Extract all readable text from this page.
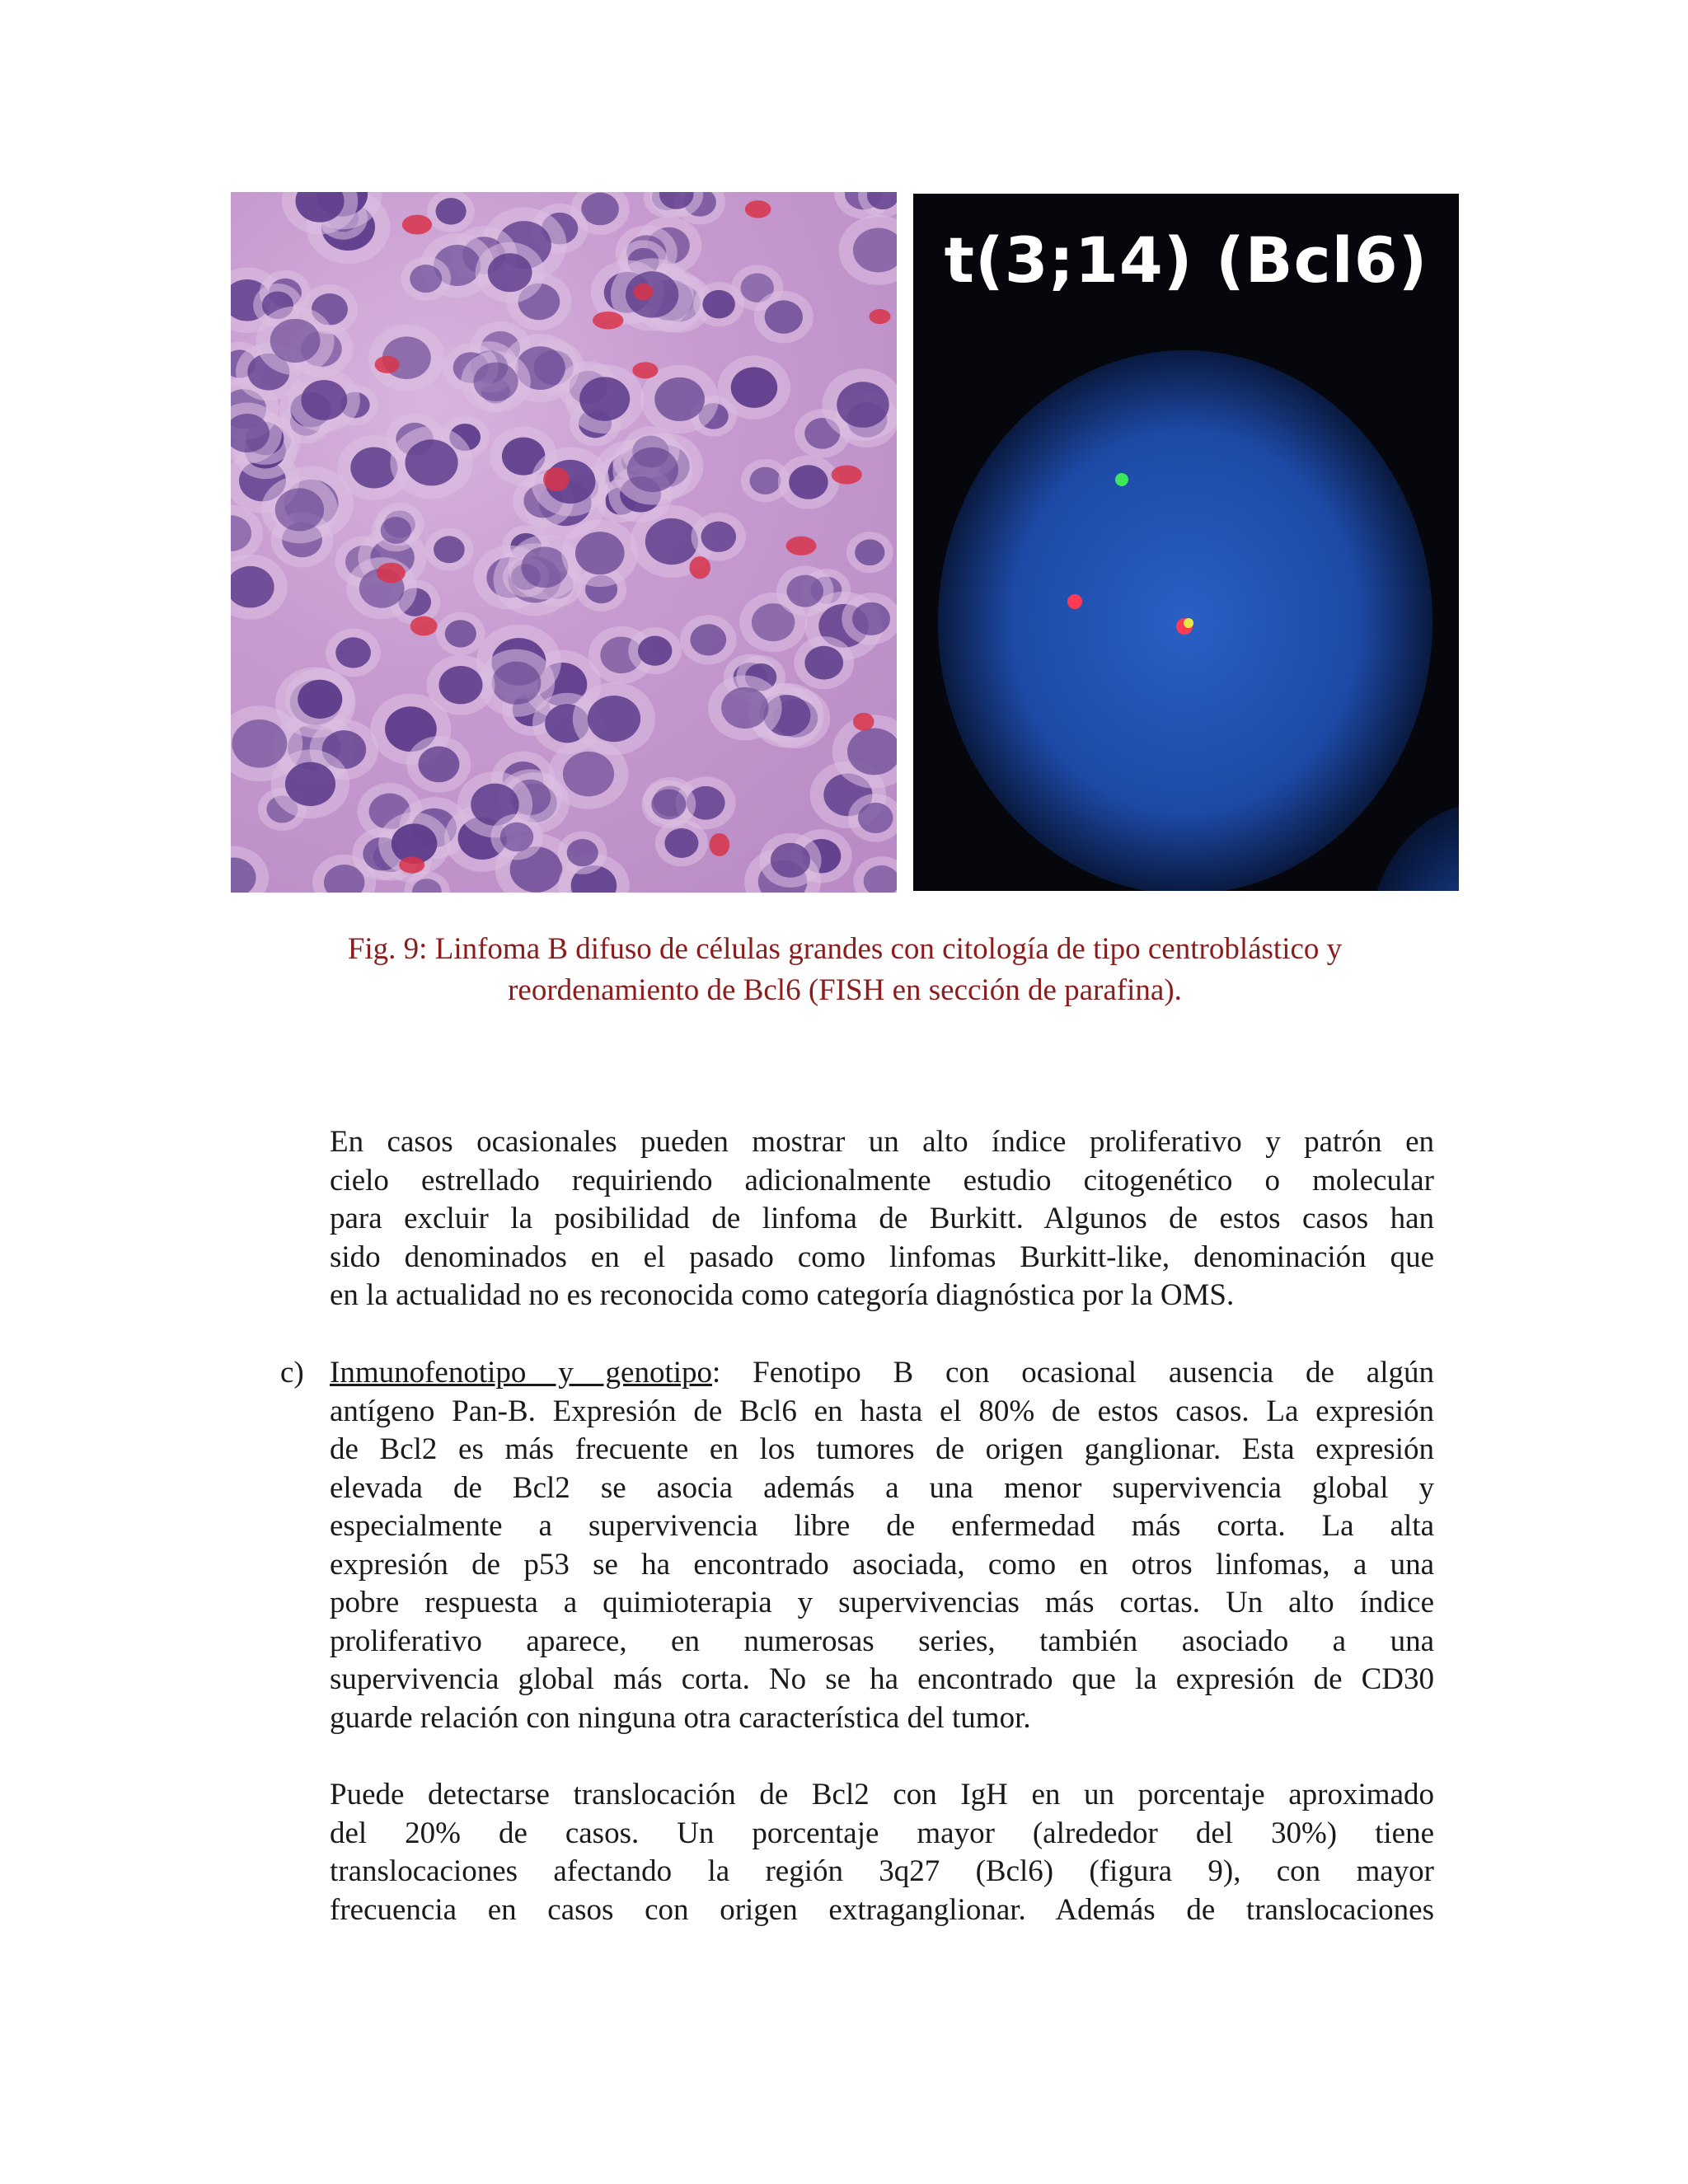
t(3;14) (Bcl6)
Fig. 9: Linfoma B difuso de células grandes con citología de tipo centroblástico y
reordenamiento de Bcl6 (FISH en sección de parafina).
En casos ocasionales pueden mostrar un alto índice proliferativo y patrón en
cielo estrellado requiriendo adicionalmente estudio citogenético o molecular
para excluir la posibilidad de linfoma de Burkitt. Algunos de estos casos han
sido denominados en el pasado como linfomas Burkitt-like, denominación que
en la actualidad no es reconocida como categoría diagnóstica por la OMS.
c) Inmunofenotipo y genotipo: Fenotipo B con ocasional ausencia de algún
antígeno Pan-B. Expresión de Bcl6 en hasta el 80% de estos casos. La expresión
de Bcl2 es más frecuente en los tumores de origen ganglionar. Esta expresión
elevada de Bcl2 se asocia además a una menor supervivencia global y
especialmente a supervivencia libre de enfermedad más corta. La alta
expresión de p53 se ha encontrado asociada, como en otros linfomas, a una
pobre respuesta a quimioterapia y supervivencias más cortas. Un alto índice
proliferativo aparece, en numerosas series, también asociado a una
supervivencia global más corta. No se ha encontrado que la expresión de CD30
guarde relación con ninguna otra característica del tumor.
Puede detectarse translocación de Bcl2 con IgH en un porcentaje aproximado
del 20% de casos. Un porcentaje mayor (alrededor del 30%) tiene
translocaciones afectando la región 3q27 (Bcl6) (figura 9), con mayor
frecuencia en casos con origen extraganglionar. Además de translocaciones
